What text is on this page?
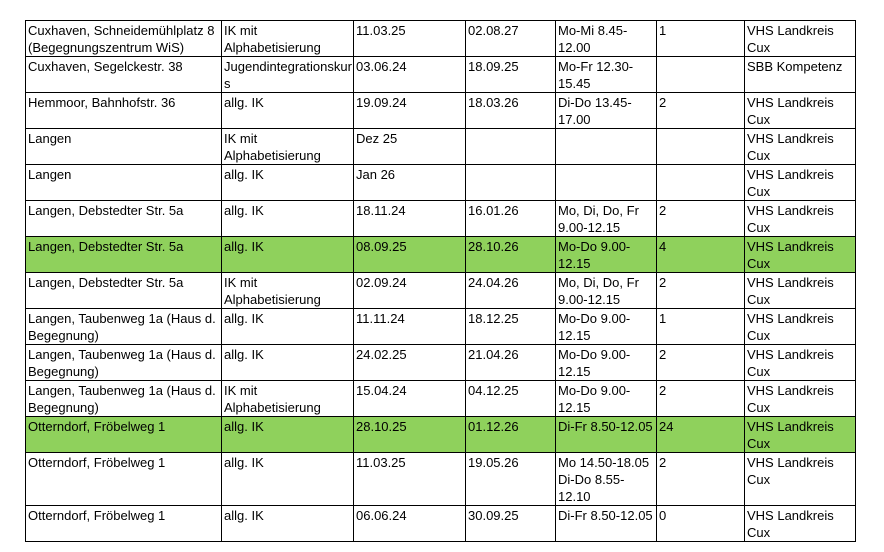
Cuxhaven, Schneidemühlplatz 8 (Begegnungszentrum WiS)	IK mit Alphabetisierung	11.03.25	02.08.27	Mo-Mi 8.45-12.00	1	VHS Landkreis Cux

Cuxhaven, Segelckestr. 38	Jugendintegrationskurs	03.06.24	18.09.25	Mo-Fr 12.30-15.45		SBB Kompetenz

Hemmoor, Bahnhofstr. 36	allg. IK	19.09.24	18.03.26	Di-Do 13.45-17.00	2	VHS Landkreis Cux

Langen	IK mit Alphabetisierung	Dez 25				VHS Landkreis Cux

Langen	allg. IK	Jan 26				VHS Landkreis Cux

Langen, Debstedter Str. 5a	allg. IK	18.11.24	16.01.26	Mo, Di, Do, Fr 9.00-12.15	2	VHS Landkreis Cux

Langen, Debstedter Str. 5a	allg. IK	08.09.25	28.10.26	Mo-Do 9.00-12.15	4	VHS Landkreis Cux

Langen, Debstedter Str. 5a	IK mit Alphabetisierung	02.09.24	24.04.26	Mo, Di, Do, Fr 9.00-12.15	2	VHS Landkreis Cux

Langen, Taubenweg 1a (Haus d. Begegnung)	allg. IK	11.11.24	18.12.25	Mo-Do 9.00-12.15	1	VHS Landkreis Cux

Langen, Taubenweg 1a (Haus d. Begegnung)	allg. IK	24.02.25	21.04.26	Mo-Do 9.00-12.15	2	VHS Landkreis Cux

Langen, Taubenweg 1a (Haus d. Begegnung)	IK mit Alphabetisierung	15.04.24	04.12.25	Mo-Do 9.00-12.15	2	VHS Landkreis Cux

Otterndorf, Fröbelweg 1	allg. IK	28.10.25	01.12.26	Di-Fr 8.50-12.05	24	VHS Landkreis Cux

Otterndorf, Fröbelweg 1	allg. IK	11.03.25	19.05.26	Mo 14.50-18.05 Di-Do 8.55-12.10	2	VHS Landkreis Cux

Otterndorf, Fröbelweg 1	allg. IK	06.06.24	30.09.25	Di-Fr 8.50-12.05	0	VHS Landkreis Cux
